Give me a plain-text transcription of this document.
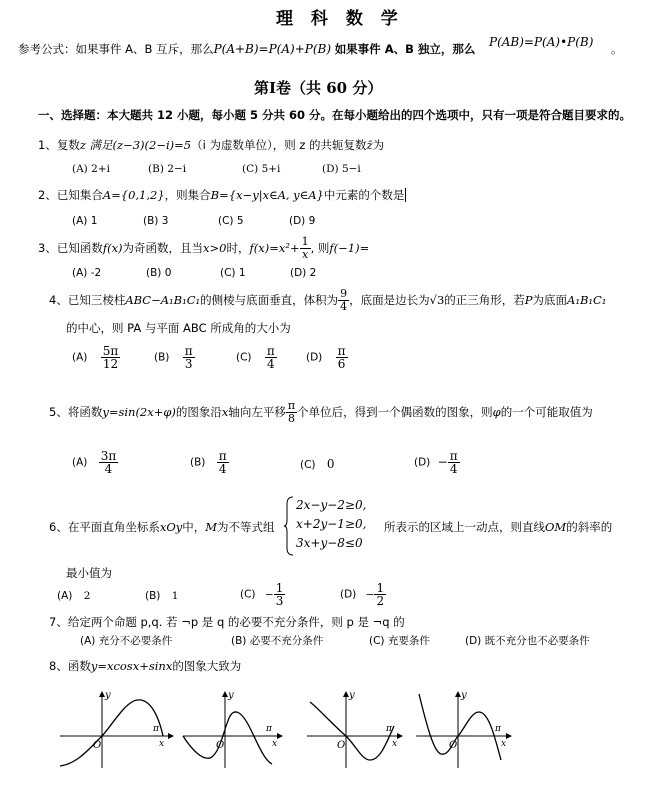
理 科 数 学
参考公式：如果事件 A、B 互斥，那么P(A+B)=P(A)+P(B) 如果事件 A、B 独立，那么 P(AB)=P(A)•P(B) 。
第Ⅰ卷（共 60 分）
一、选择题：本大题共 12 小题，每小题 5 分共 60 分。在每小题给出的四个选项中，只有一项是符合题目要求的。
1、复数z 满足(z−3)(2−i)=5（i 为虚数单位），则 z 的共轭复数z̄为
(A) 2+i	(B) 2−i	(C) 5+i	(D) 5−i
2、已知集合A={0,1,2}，则集合B={x−y|x∈A, y∈A}中元素的个数是
(A) 1	(B) 3	(C) 5	(D) 9
3、已知函数f(x)为奇函数，且当x>0时，$f(x)=x^2+ \frac{1}{x}$ , 则f(−1)=
(A) -2	(B) 0	(C) 1	(D) 2
4、已知三棱柱ABC−A₁B₁C₁的侧棱与底面垂直，体积为 $\frac{9}{4}$ ，底面是边长为√3的正三角形，若P为底面A₁B₁C₁
的中心，则 PA 与平面 ABC 所成角的大小为
$(A) \frac{5\pi}{12}$	$(B) \frac{\pi}{3}$	$(C) \frac{\pi}{4}$	$(D) \frac{\pi}{6}$
5、将函数y=sin(2x+φ)的图象沿x轴向左平移 $\frac{\pi}{8}$ 个单位后，得到一个偶函数的图象，则φ的一个可能取值为
$(A) \frac{3\pi}{4}$	$(B) \frac{\pi}{4}$	(C) 0	$(D) - \frac{\pi}{4}$
6、在平面直角坐标系xOy中，M为不等式组
2x−y−2≥0,
x+2y−1≥0,
3x+y−8≤0
所表示的区域上一动点，则直线OM的斜率的
最小值为
(A) 2	(B) 1	$(C) - \frac{1}{3}$	$(D) - \frac{1}{2}$
7、给定两个命题 p,q. 若 ¬p 是 q 的必要不充分条件，则 p 是 ¬q 的
(A) 充分不必要条件	(B) 必要不充分条件	(C) 充要条件	(D) 既不充分也不必要条件
8、函数y=xcosx+sinx的图象大致为
y
O
π
x
y
O
π
x
y
O
π
x
y
O
π
x
